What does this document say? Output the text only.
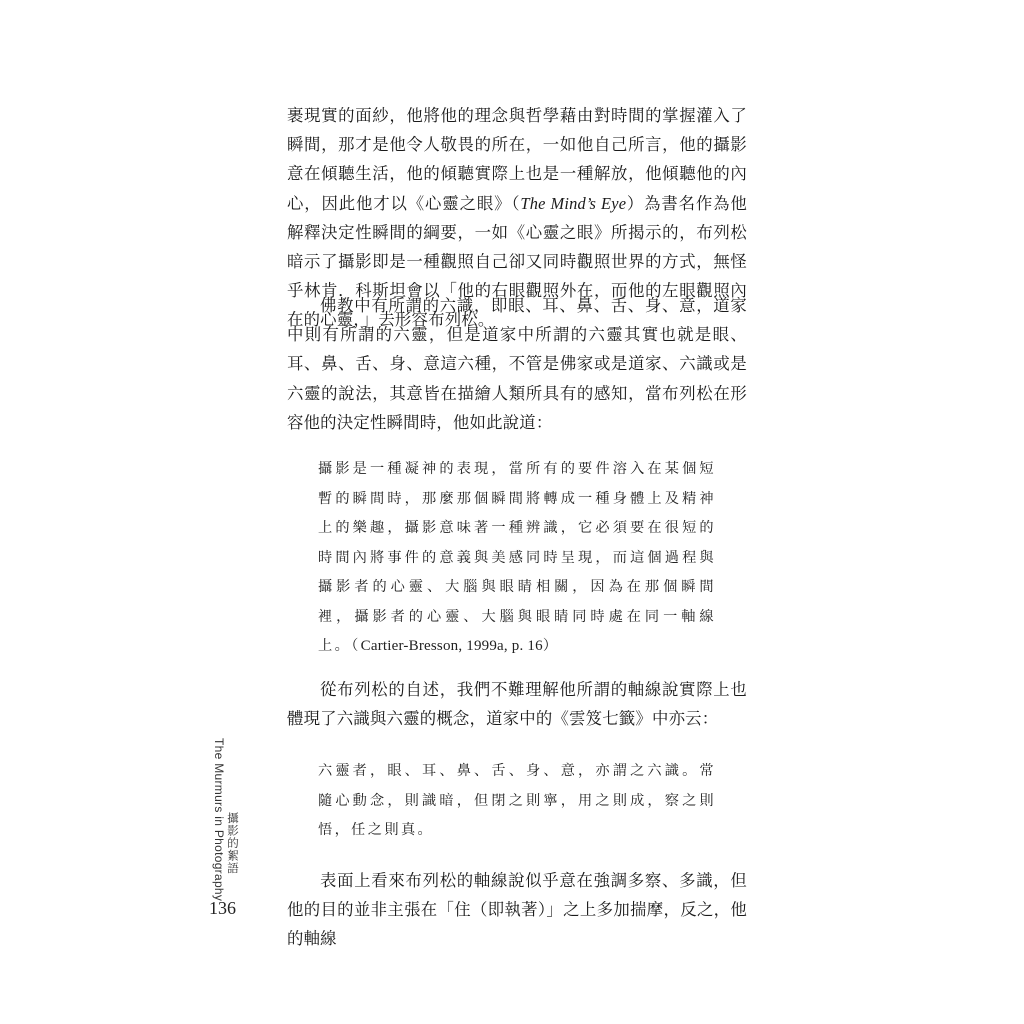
裹現實的面紗，他將他的理念與哲學藉由對時間的掌握灌入了瞬間，那才是他令人敬畏的所在，一如他自己所言，他的攝影意在傾聽生活，他的傾聽實際上也是一種解放，他傾聽他的內心，因此他才以《心靈之眼》（The Mind’s Eye）為書名作為他解釋決定性瞬間的綱要，一如《心靈之眼》所揭示的，布列松暗示了攝影即是一種觀照自己卻又同時觀照世界的方式，無怪乎林肯．科斯坦會以「他的右眼觀照外在，而他的左眼觀照內在的心靈，」去形容布列松。

佛教中有所謂的六識，即眼、耳、鼻、舌、身、意，道家中則有所謂的六靈，但是道家中所謂的六靈其實也就是眼、耳、鼻、舌、身、意這六種，不管是佛家或是道家、六識或是六靈的說法，其意皆在描繪人類所具有的感知，當布列松在形容他的決定性瞬間時，他如此說道：

攝影是一種凝神的表現，當所有的要件溶入在某個短暫的瞬間時，那麼那個瞬間將轉成一種身體上及精神上的樂趣，攝影意味著一種辨識，它必須要在很短的時間內將事件的意義與美感同時呈現，而這個過程與攝影者的心靈、大腦與眼睛相關，因為在那個瞬間裡，攝影者的心靈、大腦與眼睛同時處在同一軸線上。（Cartier-Bresson, 1999a, p. 16）

從布列松的自述，我們不難理解他所謂的軸線說實際上也體現了六識與六靈的概念，道家中的《雲笈七籤》中亦云：

六靈者，眼、耳、鼻、舌、身、意，亦謂之六識。常隨心動念，則識暗，但閉之則寧，用之則成，察之則悟，任之則真。

表面上看來布列松的軸線說似乎意在強調多察、多識，但他的目的並非主張在「住（即執著）」之上多加揣摩，反之，他的軸線

The Murmurs in Photography 攝影的絮語
136
